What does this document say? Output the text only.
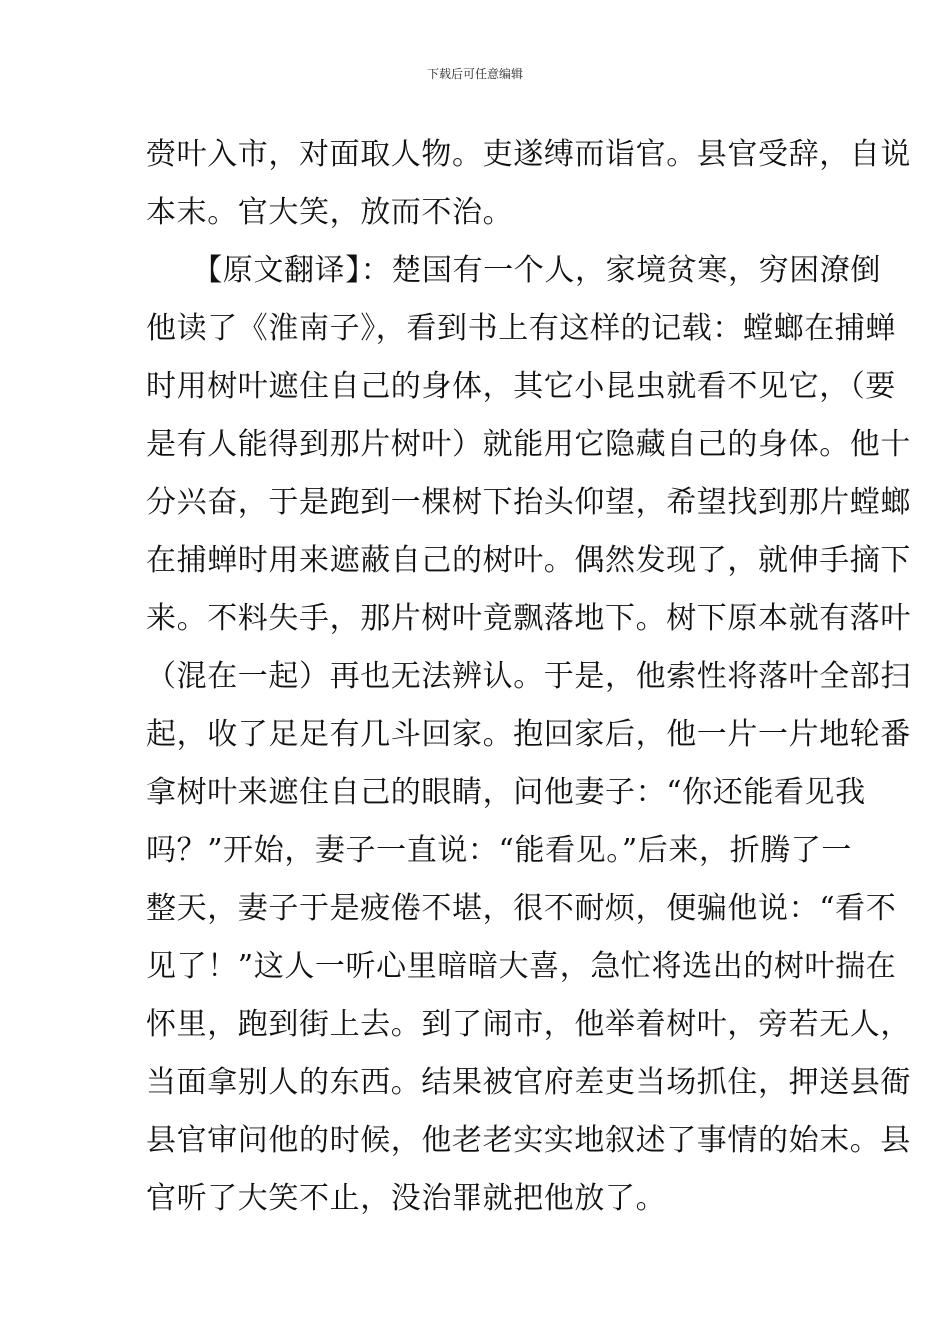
下载后可任意编辑
赍叶入市，对面取人物。吏遂缚而诣官。县官受辞，自说
本末。官大笑，放而不治。
　　【原文翻译】：楚国有一个人，家境贫寒，穷困潦倒
他读了《淮南子》，看到书上有这样的记载：螳螂在捕蝉
时用树叶遮住自己的身体，其它小昆虫就看不见它，（要
是有人能得到那片树叶）就能用它隐藏自己的身体。他十
分兴奋，于是跑到一棵树下抬头仰望，希望找到那片螳螂
在捕蝉时用来遮蔽自己的树叶。偶然发现了，就伸手摘下
来。不料失手，那片树叶竟飘落地下。树下原本就有落叶
（混在一起）再也无法辨认。于是，他索性将落叶全部扫
起，收了足足有几斗回家。抱回家后，他一片一片地轮番
拿树叶来遮住自己的眼睛，问他妻子：“你还能看见我
吗？”开始，妻子一直说：“能看见。”后来，折腾了一
整天，妻子于是疲倦不堪，很不耐烦，便骗他说：“看不
见了！”这人一听心里暗暗大喜，急忙将选出的树叶揣在
怀里，跑到街上去。到了闹市，他举着树叶，旁若无人，
当面拿别人的东西。结果被官府差吏当场抓住，押送县衙
县官审问他的时候，他老老实实地叙述了事情的始末。县
官听了大笑不止，没治罪就把他放了。
